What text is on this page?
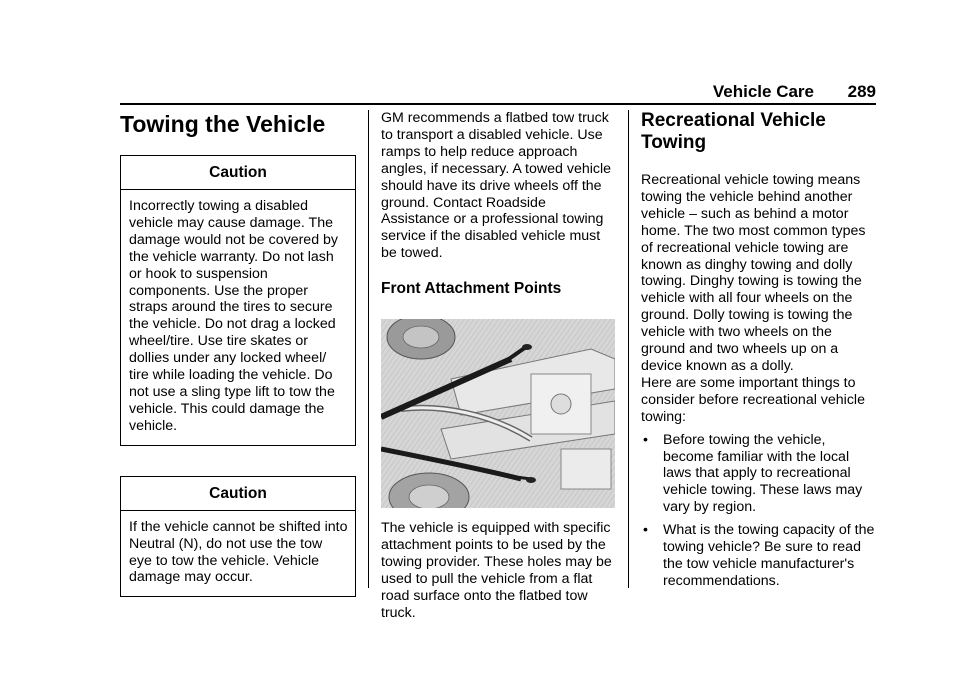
Vehicle Care 289
Towing the Vehicle
Caution

Incorrectly towing a disabled vehicle may cause damage. The damage would not be covered by the vehicle warranty. Do not lash or hook to suspension components. Use the proper straps around the tires to secure the vehicle. Do not drag a locked wheel/tire. Use tire skates or dollies under any locked wheel/ tire while loading the vehicle. Do not use a sling type lift to tow the vehicle. This could damage the vehicle.

Caution

If the vehicle cannot be shifted into Neutral (N), do not use the tow eye to tow the vehicle. Vehicle damage may occur.

GM recommends a flatbed tow truck to transport a disabled vehicle. Use ramps to help reduce approach angles, if necessary. A towed vehicle should have its drive wheels off the ground. Contact Roadside Assistance or a professional towing service if the disabled vehicle must be towed.

Front Attachment Points

The vehicle is equipped with specific attachment points to be used by the towing provider. These holes may be used to pull the vehicle from a flat road surface onto the flatbed tow truck.

Recreational Vehicle Towing

Recreational vehicle towing means towing the vehicle behind another vehicle – such as behind a motor home. The two most common types of recreational vehicle towing are known as dinghy towing and dolly towing. Dinghy towing is towing the vehicle with all four wheels on the ground. Dolly towing is towing the vehicle with two wheels on the ground and two wheels up on a device known as a dolly.

Here are some important things to consider before recreational vehicle towing:

• Before towing the vehicle, become familiar with the local laws that apply to recreational vehicle towing. These laws may vary by region.
• What is the towing capacity of the towing vehicle? Be sure to read the tow vehicle manufacturer's recommendations.
